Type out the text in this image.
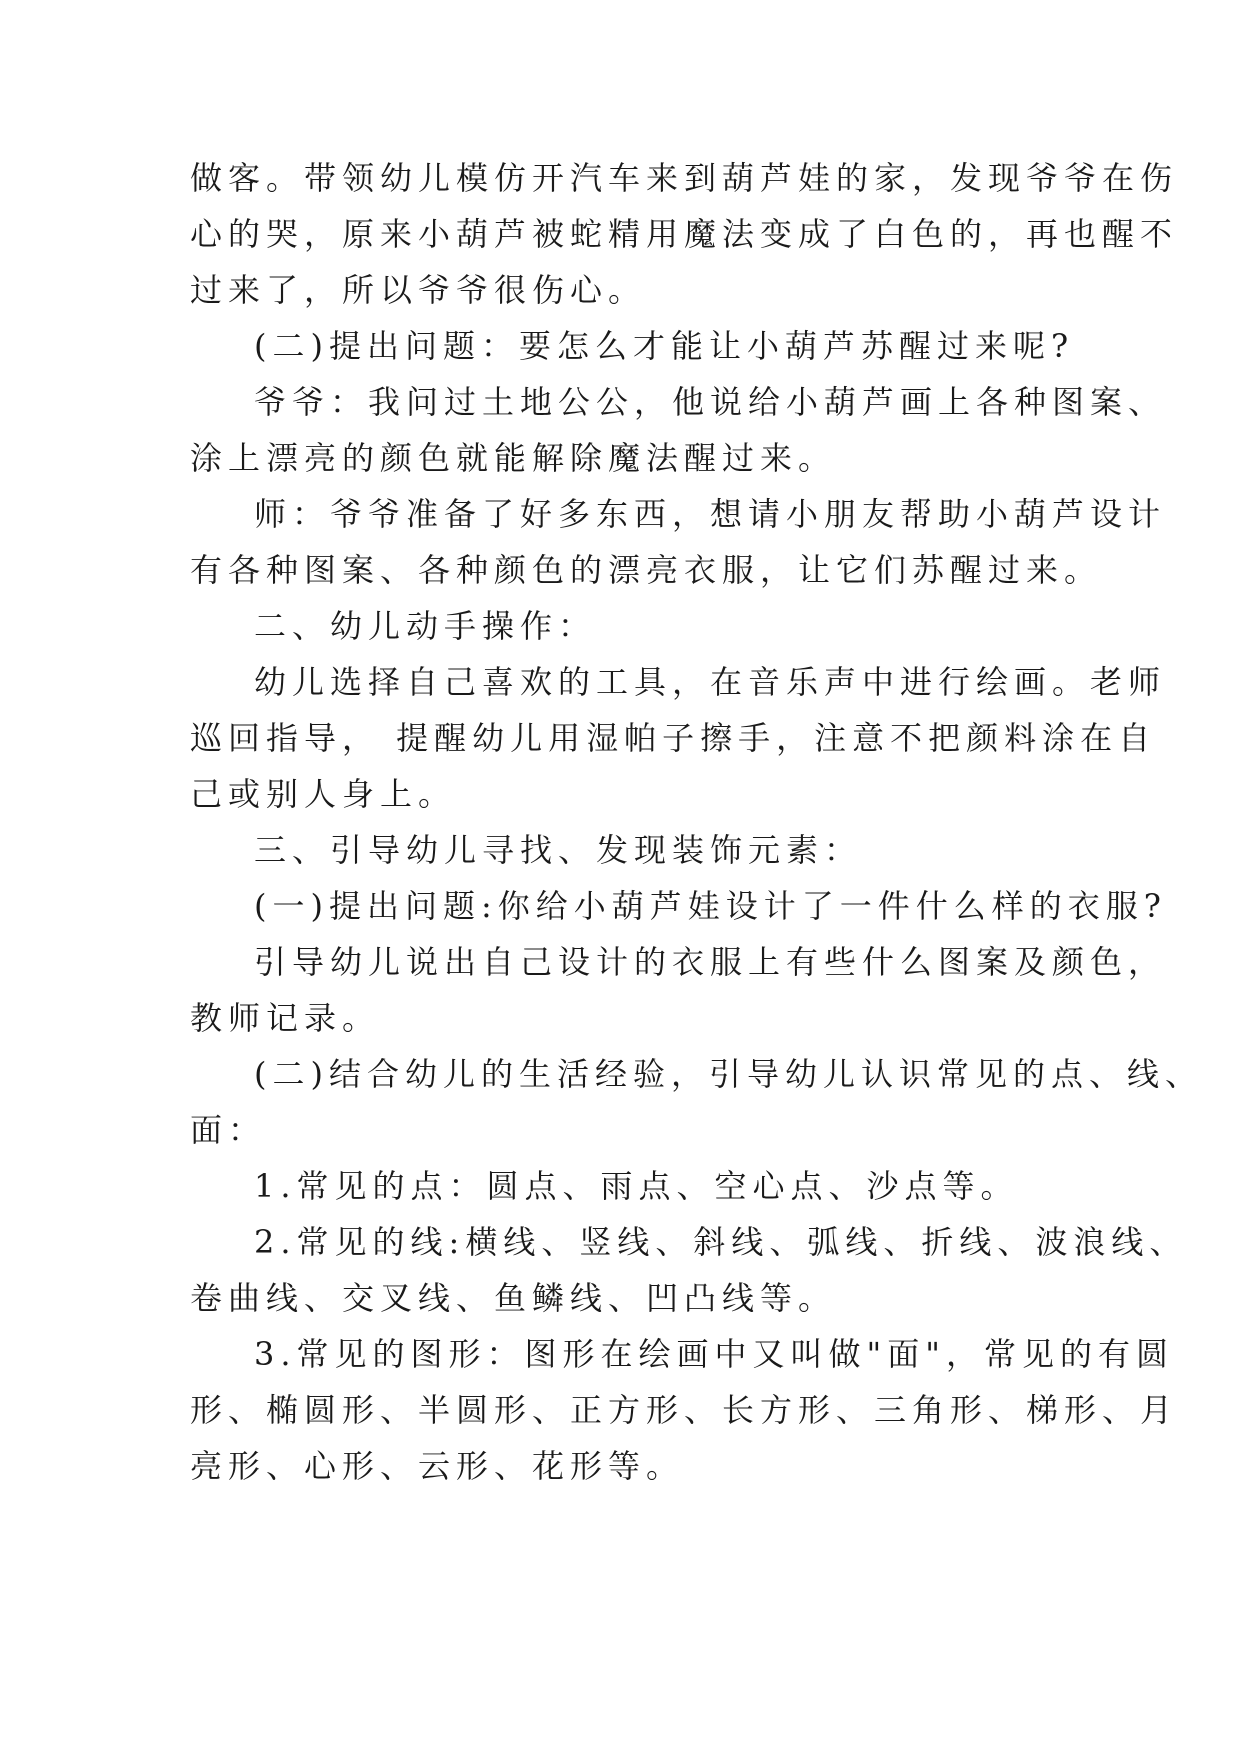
做客。带领幼儿模仿开汽车来到葫芦娃的家，发现爷爷在伤
心的哭，原来小葫芦被蛇精用魔法变成了白色的，再也醒不
过来了，所以爷爷很伤心。
(二)提出问题：要怎么才能让小葫芦苏醒过来呢?
爷爷：我问过土地公公，他说给小葫芦画上各种图案、
涂上漂亮的颜色就能解除魔法醒过来。
师：爷爷准备了好多东西，想请小朋友帮助小葫芦设计
有各种图案、各种颜色的漂亮衣服，让它们苏醒过来。
二、幼儿动手操作：
幼儿选择自己喜欢的工具，在音乐声中进行绘画。老师
巡回指导， 提醒幼儿用湿帕子擦手，注意不把颜料涂在自
己或别人身上。
三、引导幼儿寻找、发现装饰元素：
(一)提出问题:你给小葫芦娃设计了一件什么样的衣服?
引导幼儿说出自己设计的衣服上有些什么图案及颜色，
教师记录。
(二)结合幼儿的生活经验，引导幼儿认识常见的点、线、
面：
1.常见的点：圆点、雨点、空心点、沙点等。
2.常见的线:横线、竖线、斜线、弧线、折线、波浪线、
卷曲线、交叉线、鱼鳞线、凹凸线等。
3.常见的图形：图形在绘画中又叫做"面"，常见的有圆
形、椭圆形、半圆形、正方形、长方形、三角形、梯形、月
亮形、心形、云形、花形等。
